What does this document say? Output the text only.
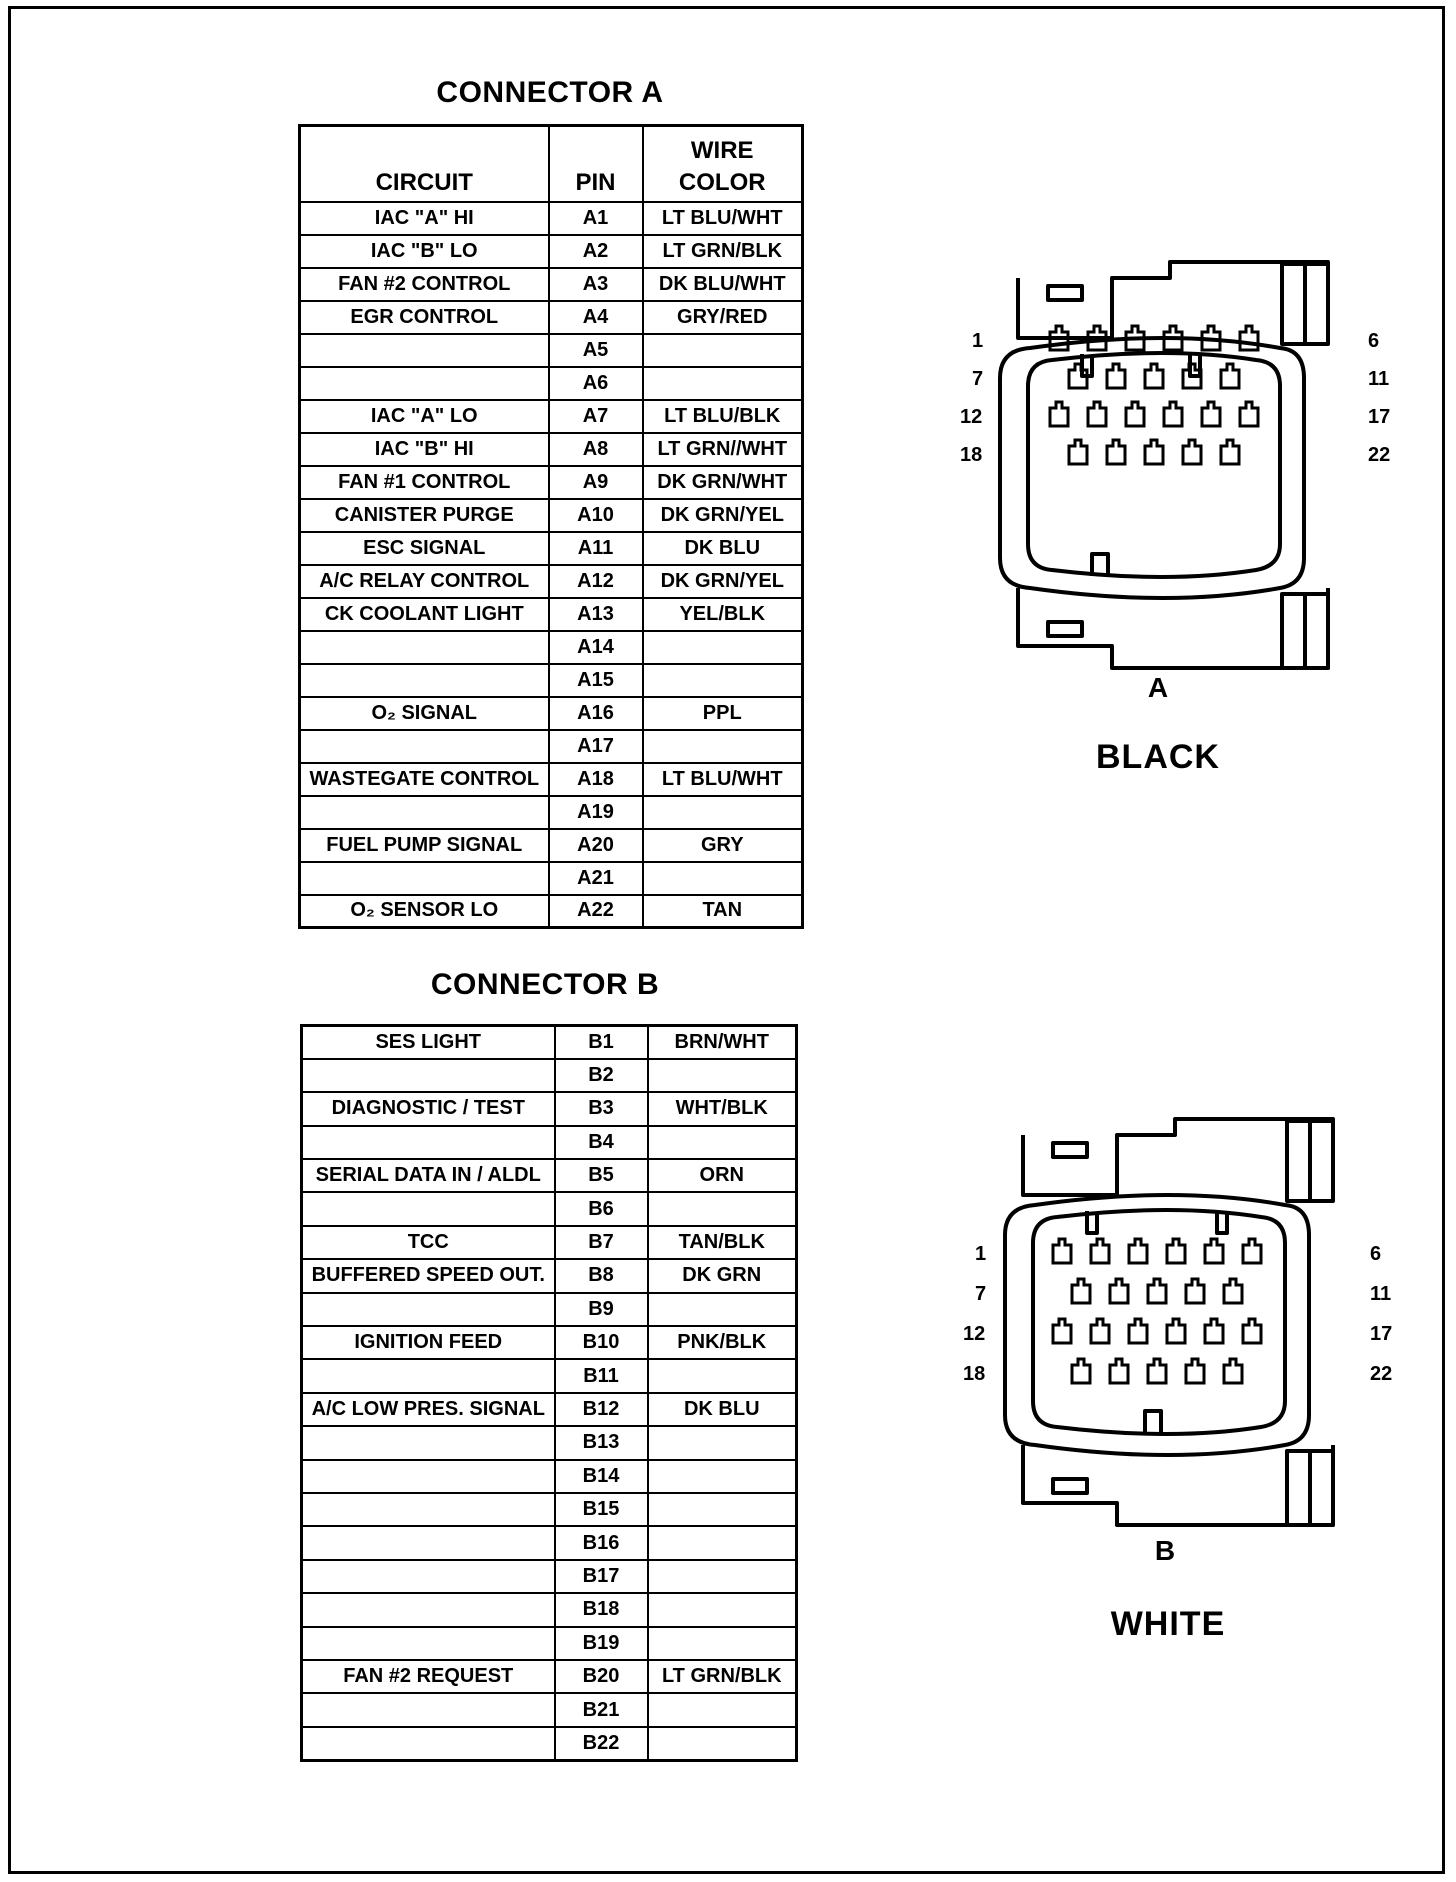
CONNECTOR A
CIRCUIT	PIN	WIRE COLOR
IAC "A" HI	A1	LT BLU/WHT
IAC "B" LO	A2	LT GRN/BLK
FAN #2 CONTROL	A3	DK BLU/WHT
EGR CONTROL	A4	GRY/RED
	A5	
	A6	
IAC "A" LO	A7	LT BLU/BLK
IAC "B" HI	A8	LT GRN//WHT
FAN #1 CONTROL	A9	DK GRN/WHT
CANISTER PURGE	A10	DK GRN/YEL
ESC SIGNAL	A11	DK BLU
A/C RELAY CONTROL	A12	DK GRN/YEL
CK COOLANT LIGHT	A13	YEL/BLK
	A14	
	A15	
O₂ SIGNAL	A16	PPL
	A17	
WASTEGATE CONTROL	A18	LT BLU/WHT
	A19	
FUEL PUMP SIGNAL	A20	GRY
	A21	
O₂ SENSOR LO	A22	TAN
CONNECTOR B
SES LIGHT	B1	BRN/WHT
	B2	
DIAGNOSTIC / TEST	B3	WHT/BLK
	B4	
SERIAL DATA IN / ALDL	B5	ORN
	B6	
TCC	B7	TAN/BLK
BUFFERED SPEED OUT.	B8	DK GRN
	B9	
IGNITION FEED	B10	PNK/BLK
	B11	
A/C LOW PRES. SIGNAL	B12	DK BLU
	B13	
	B14	
	B15	
	B16	
	B17	
	B18	
	B19	
FAN #2 REQUEST	B20	LT GRN/BLK
	B21	
	B22	
1
7
12
18
6
11
17
22
A
BLACK
1
7
12
18
6
11
17
22
B
WHITE
